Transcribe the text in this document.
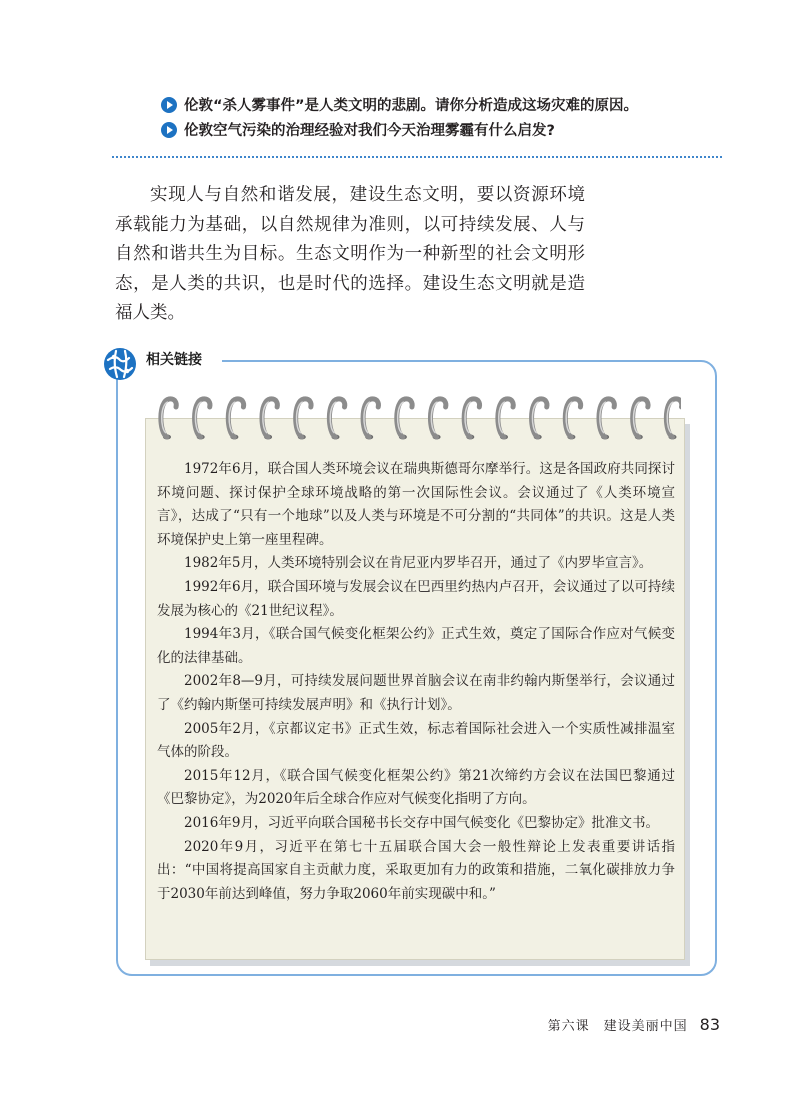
伦敦“杀人雾事件”是人类文明的悲剧。请你分析造成这场灾难的原因。
伦敦空气污染的治理经验对我们今天治理雾霾有什么启发?

实现人与自然和谐发展，建设生态文明，要以资源环境承载能力为基础，以自然规律为准则，以可持续发展、人与自然和谐共生为目标。生态文明作为一种新型的社会文明形态，是人类的共识，也是时代的选择。建设生态文明就是造福人类。

相关链接

1972年6月，联合国人类环境会议在瑞典斯德哥尔摩举行。这是各国政府共同探讨环境问题、探讨保护全球环境战略的第一次国际性会议。会议通过了《人类环境宣言》，达成了“只有一个地球”以及人类与环境是不可分割的“共同体”的共识。这是人类环境保护史上第一座里程碑。

1982年5月，人类环境特别会议在肯尼亚内罗毕召开，通过了《内罗毕宣言》。

1992年6月，联合国环境与发展会议在巴西里约热内卢召开，会议通过了以可持续发展为核心的《21世纪议程》。

1994年3月，《联合国气候变化框架公约》正式生效，奠定了国际合作应对气候变化的法律基础。

2002年8—9月，可持续发展问题世界首脑会议在南非约翰内斯堡举行，会议通过了《约翰内斯堡可持续发展声明》和《执行计划》。

2005年2月，《京都议定书》正式生效，标志着国际社会进入一个实质性减排温室气体的阶段。

2015年12月，《联合国气候变化框架公约》第21次缔约方会议在法国巴黎通过《巴黎协定》，为2020年后全球合作应对气候变化指明了方向。

2016年9月，习近平向联合国秘书长交存中国气候变化《巴黎协定》批准文书。

2020年9月，习近平在第七十五届联合国大会一般性辩论上发表重要讲话指出：“中国将提高国家自主贡献力度，采取更加有力的政策和措施，二氧化碳排放力争于2030年前达到峰值，努力争取2060年前实现碳中和。”

第六课 建设美丽中国 83
